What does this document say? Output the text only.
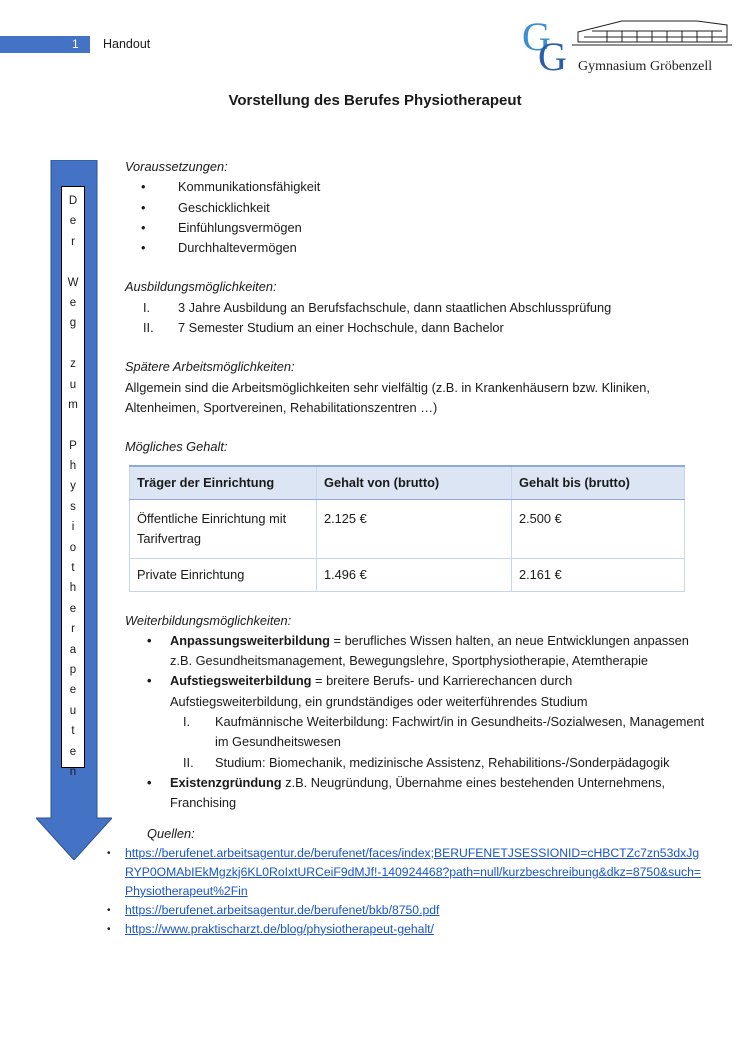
1 Handout	G
G Gymnasium Gröbenzell
Vorstellung des Berufes Physiotherapeut
D
e
r
W
e
g
z
u
m
P
h
y
s
i
o
t
h
e
r
a
p
e
u
t
e
n

Voraussetzungen:

• Kommunikationsfähigkeit
• Geschicklichkeit
• Einfühlungsvermögen
• Durchhaltevermögen

Ausbildungsmöglichkeiten:

I. 3 Jahre Ausbildung an Berufsfachschule, dann staatlichen Abschlussprüfung
II. 7 Semester Studium an einer Hochschule, dann Bachelor

Spätere Arbeitsmöglichkeiten:

Allgemein sind die Arbeitsmöglichkeiten sehr vielfältig (z.B. in Krankenhäusern bzw. Kliniken, Altenheimen, Sportvereinen, Rehabilitationszentren …)

Mögliches Gehalt:

Träger der Einrichtung	Gehalt von (brutto)	Gehalt bis (brutto)
Öffentliche Einrichtung mit Tarifvertrag	2.125 €	2.500 €
Private Einrichtung	1.496 €	2.161 €

Weiterbildungsmöglichkeiten:

• Anpassungsweiterbildung = berufliches Wissen halten, an neue Entwicklungen anpassen z.B. Gesundheitsmanagement, Bewegungslehre, Sportphysiotherapie, Atemtherapie
• Aufstiegsweiterbildung = breitere Berufs- und Karrierechancen durch Aufstiegsweiterbildung, ein grundständiges oder weiterführendes Studium
I. Kaufmännische Weiterbildung: Fachwirt/in in Gesundheits-/Sozialwesen, Management im Gesundheitswesen
II. Studium: Biomechanik, medizinische Assistenz, Rehabilitions-/Sonderpädagogik
• Existenzgründung z.B. Neugründung, Übernahme eines bestehenden Unternehmens, Franchising

Quellen:

• https://berufenet.arbeitsagentur.de/berufenet/faces/index;BERUFENETJSESSIONID=cHBCTZc7zn53dxJgRYP0OMAbIEkMgzkj6KL0RoIxtURCeiF9dMJf!-140924468?path=null/kurzbeschreibung&dkz=8750&such=Physiotherapeut%2Fin
• https://berufenet.arbeitsagentur.de/berufenet/bkb/8750.pdf
• https://www.praktischarzt.de/blog/physiotherapeut-gehalt/
